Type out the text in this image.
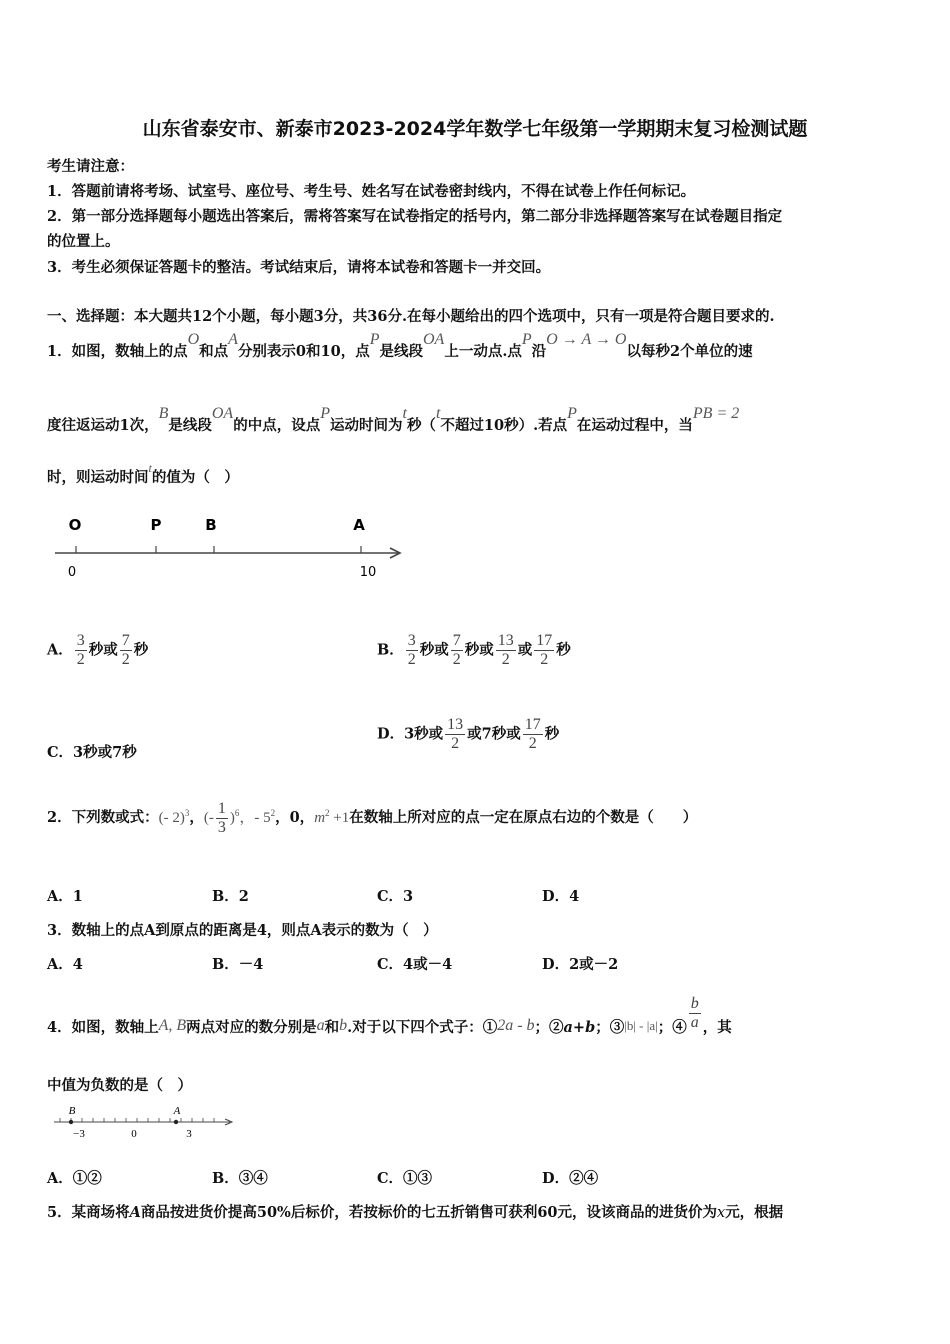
山东省泰安市、新泰市2023-2024学年数学七年级第一学期期末复习检测试题
考生请注意：
1．答题前请将考场、试室号、座位号、考生号、姓名写在试卷密封线内，不得在试卷上作任何标记。
2．第一部分选择题每小题选出答案后，需将答案写在试卷指定的括号内，第二部分非选择题答案写在试卷题目指定
的位置上。
3．考生必须保证答题卡的整洁。考试结束后，请将本试卷和答题卡一并交回。
一、选择题：本大题共12个小题，每小题3分，共36分.在每小题给出的四个选项中，只有一项是符合题目要求的.
1．如图，数轴上的点O和点A分别表示0和10，点P是线段OA上一动点.点P沿O → A → O以每秒2个单位的速
度往返运动1次，B是线段OA的中点，设点P运动时间为t秒（t不超过10秒）.若点P在运动过程中，当PB = 2
时，则运动时间t的值为（　）
O	P	B	A
0	10
A． $\frac{3}{2}$ 秒或 $\frac{7}{2}$ 秒	B． $\frac{3}{2}$ 秒或 $\frac{7}{2}$ 秒或 $\frac{13}{2}$ 或 $\frac{17}{2}$ 秒
C．3秒或7秒
D．3秒或 $\frac{13}{2}$ 或7秒或 $\frac{17}{2}$ 秒
2．下列数或式：(- 2)$^3$，(- $\frac{1}{3} )^6$，- $5^2$，0，$m^2 +1$在数轴上所对应的点一定在原点右边的个数是（　　）
A．1	B．2	C．3	D．4
3．数轴上的点A到原点的距离是4，则点A表示的数为（　）
A．4	B．－4	C．4或－4	D．2或－2
4．如图，数轴上A, B两点对应的数分别是a和b.对于以下四个式子：①2a - b；②a+b；③|b| - |a|；④ $\frac{b}{a}$ ，其
中值为负数的是（　）
B	A
−3	0	3
A．①②	B．③④	C．①③	D．②④
5．某商场将A商品按进货价提高50%后标价，若按标价的七五折销售可获利60元，设该商品的进货价为x元，根据
